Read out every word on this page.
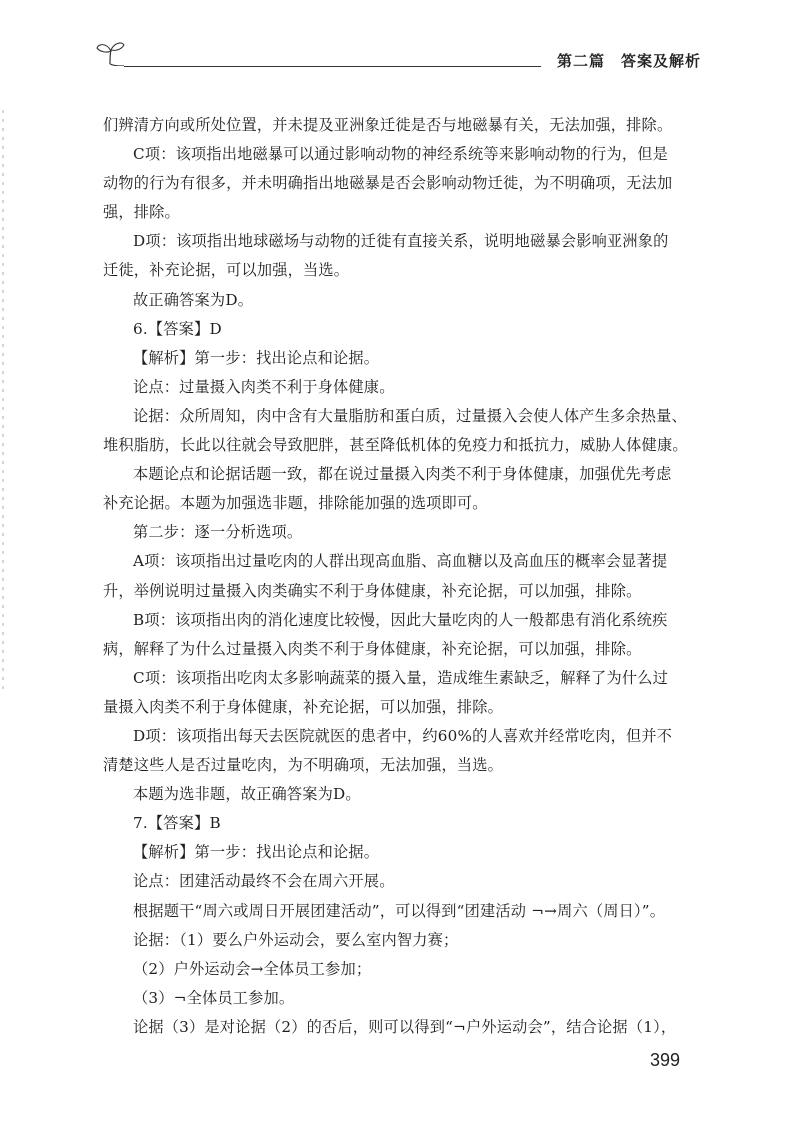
第二篇　答案及解析
们辨清方向或所处位置，并未提及亚洲象迁徙是否与地磁暴有关，无法加强，排除。
C项：该项指出地磁暴可以通过影响动物的神经系统等来影响动物的行为，但是
动物的行为有很多，并未明确指出地磁暴是否会影响动物迁徙，为不明确项，无法加
强，排除。
D项：该项指出地球磁场与动物的迁徙有直接关系，说明地磁暴会影响亚洲象的
迁徙，补充论据，可以加强，当选。
故正确答案为D。
6.【答案】D
【解析】第一步：找出论点和论据。
论点：过量摄入肉类不利于身体健康。
论据：众所周知，肉中含有大量脂肪和蛋白质，过量摄入会使人体产生多余热量、
堆积脂肪，长此以往就会导致肥胖，甚至降低机体的免疫力和抵抗力，威胁人体健康。
本题论点和论据话题一致，都在说过量摄入肉类不利于身体健康，加强优先考虑
补充论据。本题为加强选非题，排除能加强的选项即可。
第二步：逐一分析选项。
A项：该项指出过量吃肉的人群出现高血脂、高血糖以及高血压的概率会显著提
升，举例说明过量摄入肉类确实不利于身体健康，补充论据，可以加强，排除。
B项：该项指出肉的消化速度比较慢，因此大量吃肉的人一般都患有消化系统疾
病，解释了为什么过量摄入肉类不利于身体健康，补充论据，可以加强，排除。
C项：该项指出吃肉太多影响蔬菜的摄入量，造成维生素缺乏，解释了为什么过
量摄入肉类不利于身体健康，补充论据，可以加强，排除。
D项：该项指出每天去医院就医的患者中，约60%的人喜欢并经常吃肉，但并不
清楚这些人是否过量吃肉，为不明确项，无法加强，当选。
本题为选非题，故正确答案为D。
7.【答案】B
【解析】第一步：找出论点和论据。
论点：团建活动最终不会在周六开展。
根据题干“周六或周日开展团建活动”，可以得到“团建活动 ¬→周六（周日）”。
论据：（1）要么户外运动会，要么室内智力赛；
（2）户外运动会→全体员工参加；
（3）¬全体员工参加。
论据（3）是对论据（2）的否后，则可以得到“¬户外运动会”，结合论据（1），
399
